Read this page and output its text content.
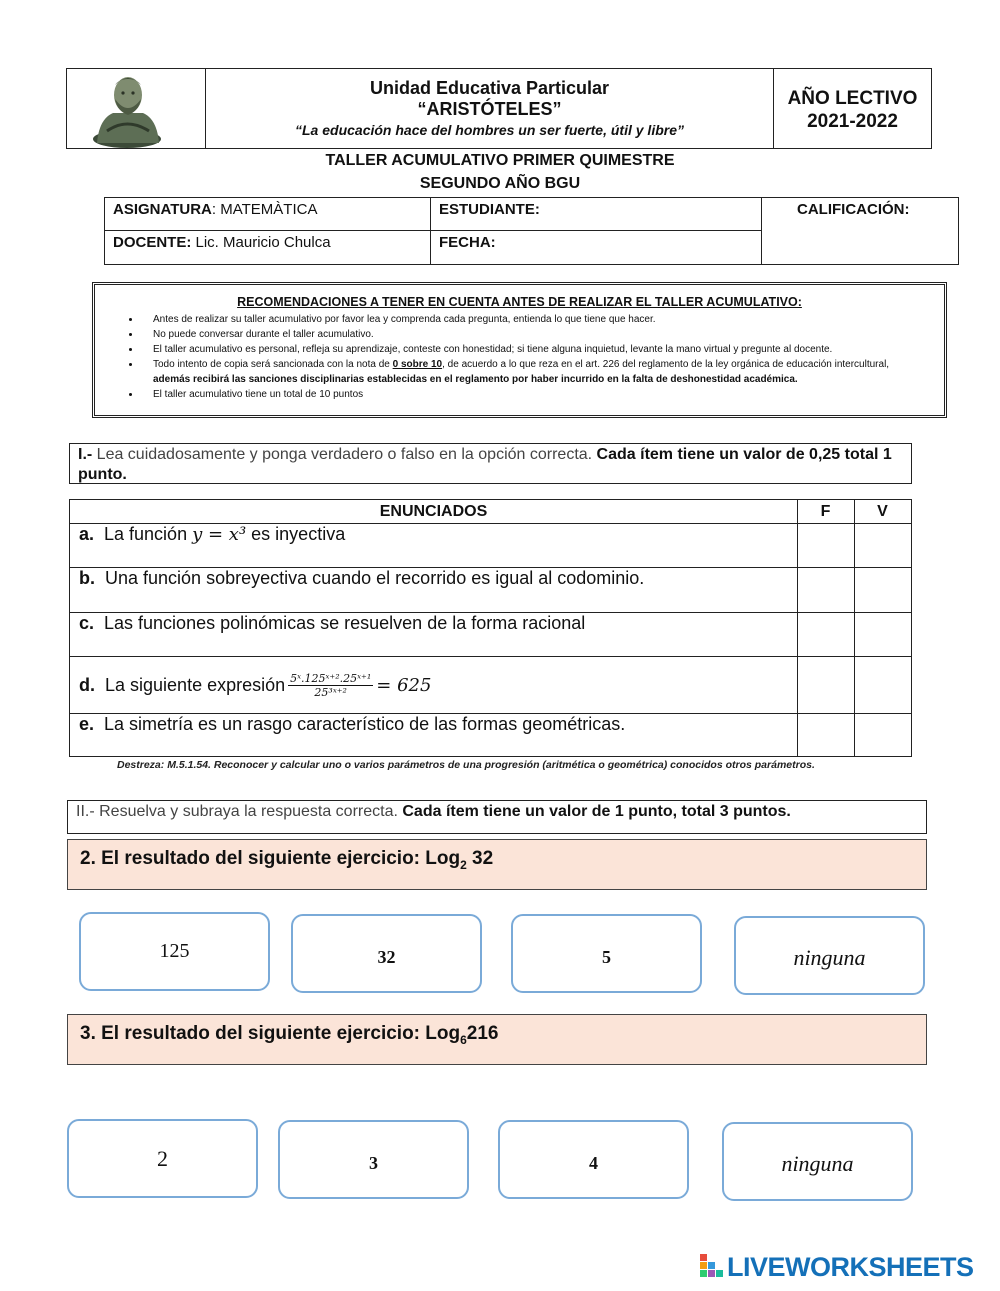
Unidad Educativa Particular
“ARISTÓTELES”
“La educación hace del hombres un ser fuerte, útil y libre”
AÑO LECTIVO
2021-2022
TALLER ACUMULATIVO PRIMER QUIMESTRE
SEGUNDO AÑO BGU
ASIGNATURA: MATEMÀTICA
DOCENTE: Lic. Mauricio Chulca
ESTUDIANTE:
FECHA:
CALIFICACIÓN:
RECOMENDACIONES A TENER EN CUENTA ANTES DE REALIZAR EL TALLER ACUMULATIVO:
• Antes de realizar su taller acumulativo por favor lea y comprenda cada pregunta, entienda lo que tiene que hacer.
• No puede conversar durante el taller acumulativo.
• El taller acumulativo es personal, refleja su aprendizaje, conteste con honestidad; si tiene alguna inquietud, levante la mano virtual y pregunte al docente.
• Todo intento de copia será sancionada con la nota de 0 sobre 10, de acuerdo a lo que reza en el art. 226 del reglamento de la ley orgánica de educación intercultural,
además recibirá las sanciones disciplinarias establecidas en el reglamento por haber incurrido en la falta de deshonestidad académica.
• El taller acumulativo tiene un total de 10 puntos
I.- Lea cuidadosamente y ponga verdadero o falso en la opción correcta. Cada ítem tiene un valor de 0,25 total 1 punto.
ENUNCIADOS	F	V
a. La función y = x³ es inyectiva
b. Una función sobreyectiva cuando el recorrido es igual al codominio.
c. Las funciones polinómicas se resuelven de la forma racional
d. La siguiente expresión $\frac{\text{5ˣ.125ˣ⁺².25ˣ⁺¹}}{\text{25³ˣ⁺²}} = 625$
e. La simetría es un rasgo característico de las formas geométricas.
Destreza: M.5.1.54. Reconocer y calcular uno o varios parámetros de una progresión (aritmética o geométrica) conocidos otros parámetros.
II.- Resuelva y subraya la respuesta correcta. Cada ítem tiene un valor de 1 punto, total 3 puntos.
2. El resultado del siguiente ejercicio: Log$_2$ 32
125	32	5	ninguna
3. El resultado del siguiente ejercicio: Log$_6$216
2	3	4	ninguna
LIVEWORKSHEETS
